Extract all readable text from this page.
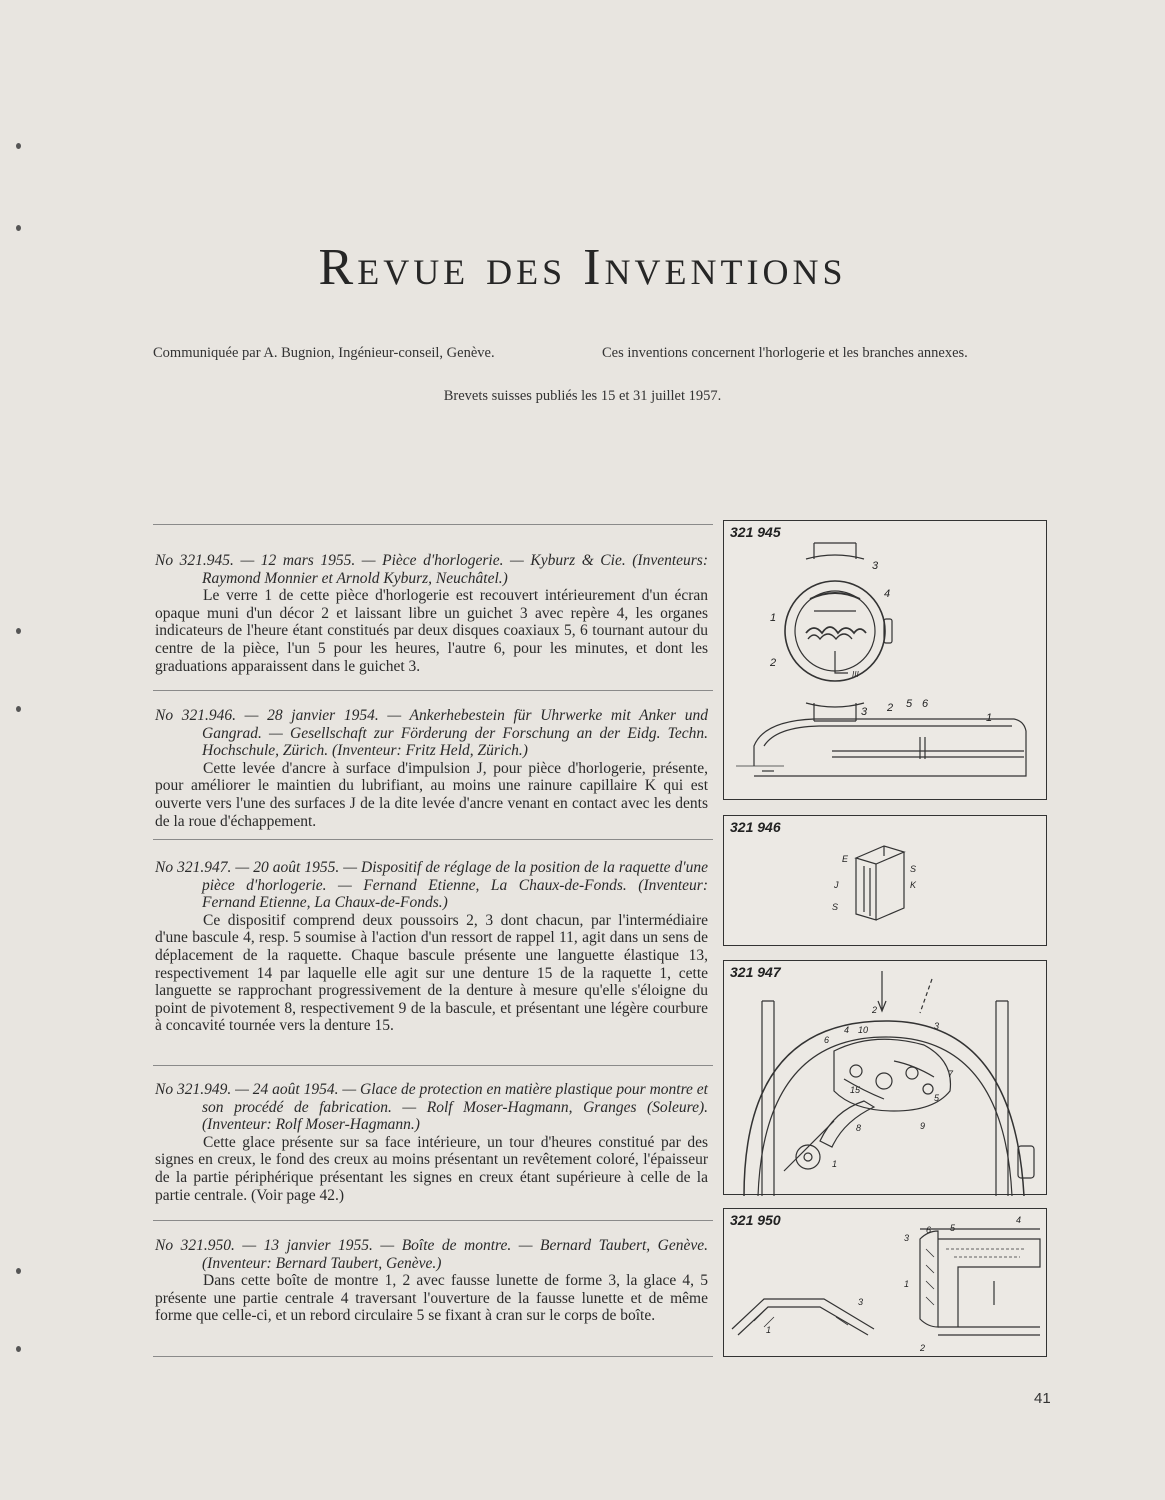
Revue des Inventions
Communiquée par A. Bugnion, Ingénieur-conseil, Genève.	Ces inventions concernent l'horlogerie et les branches annexes.
Brevets suisses publiés les 15 et 31 juillet 1957.
No 321.945. — 12 mars 1955. — Pièce d'horlogerie. — Kyburz & Cie. (Inventeurs: Raymond Monnier et Arnold Kyburz, Neuchâtel.)
Le verre 1 de cette pièce d'horlogerie est recouvert intérieurement d'un écran opaque muni d'un décor 2 et laissant libre un guichet 3 avec repère 4, les organes indicateurs de l'heure étant constitués par deux disques coaxiaux 5, 6 tournant autour du centre de la pièce, l'un 5 pour les heures, l'autre 6, pour les minutes, et dont les graduations apparaissent dans le guichet 3.
No 321.946. — 28 janvier 1954. — Ankerhebestein für Uhrwerke mit Anker und Gangrad. — Gesellschaft zur Förderung der Forschung an der Eidg. Techn. Hochschule, Zürich. (Inventeur: Fritz Held, Zürich.)
Cette levée d'ancre à surface d'impulsion J, pour pièce d'horlogerie, présente, pour améliorer le maintien du lubrifiant, au moins une rainure capillaire K qui est ouverte vers l'une des surfaces J de la dite levée d'ancre venant en contact avec les dents de la roue d'échappement.
No 321.947. — 20 août 1955. — Dispositif de réglage de la position de la raquette d'une pièce d'horlogerie. — Fernand Etienne, La Chaux-de-Fonds. (Inventeur: Fernand Etienne, La Chaux-de-Fonds.)
Ce dispositif comprend deux poussoirs 2, 3 dont chacun, par l'intermédiaire d'une bascule 4, resp. 5 soumise à l'action d'un ressort de rappel 11, agit dans un sens de déplacement de la raquette. Chaque bascule présente une languette élastique 13, respectivement 14 par laquelle elle agit sur une denture 15 de la raquette 1, cette languette se rapprochant progressivement de la denture à mesure qu'elle s'éloigne du point de pivotement 8, respectivement 9 de la bascule, et présentant une légère courbure à concavité tournée vers la denture 15.
No 321.949. — 24 août 1954. — Glace de protection en matière plastique pour montre et son procédé de fabrication. — Rolf Moser-Hagmann, Granges (Soleure). (Inventeur: Rolf Moser-Hagmann.)
Cette glace présente sur sa face intérieure, un tour d'heures constitué par des signes en creux, le fond des creux au moins présentant un revêtement coloré, l'épaisseur de la partie périphérique présentant les signes en creux étant supérieure à celle de la partie centrale. (Voir page 42.)
No 321.950. — 13 janvier 1955. — Boîte de montre. — Bernard Taubert, Genève. (Inventeur: Bernard Taubert, Genève.)
Dans cette boîte de montre 1, 2 avec fausse lunette de forme 3, la glace 4, 5 présente une partie centrale 4 traversant l'ouverture de la fausse lunette et de même forme que celle-ci, et un rebord circulaire 5 se fixant à cran sur le corps de boîte.
321 945
1
2
3
4
III
1
2
3
5 6
321 946
E
S
J	K
S
321 947
2
3
4 10
5
6
7
8	9
15
1
321 950
3
6 5
4
1
2
3
1
41
